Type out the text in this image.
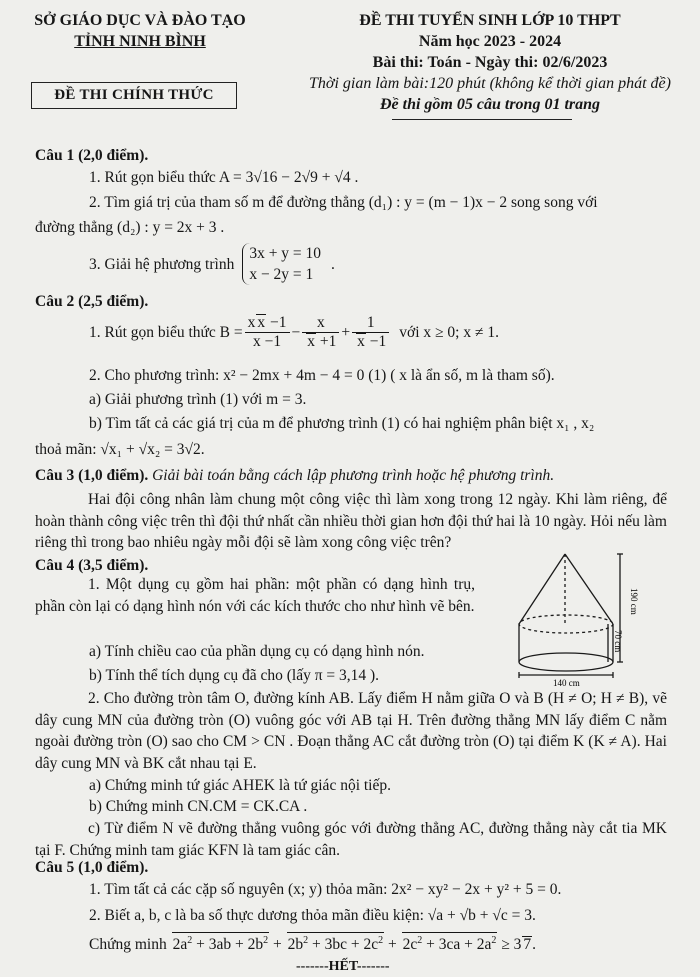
SỞ GIÁO DỤC VÀ ĐÀO TẠO
TỈNH NINH BÌNH
ĐỀ THI TUYỂN SINH LỚP 10 THPT
Năm học 2023 - 2024
Bài thi: Toán - Ngày thi: 02/6/2023
Thời gian làm bài:120 phút (không kể thời gian phát đề)
Đề thi gồm 05 câu trong 01 trang
ĐỀ THI CHÍNH THỨC
Câu 1 (2,0 điểm).
1. Rút gọn biểu thức A = 3√16 − 2√9 + √4 .
2. Tìm giá trị của tham số m để đường thẳng (d₁) : y = (m − 1)x − 2 song song với
đường thẳng (d₂) : y = 2x + 3 .
3. Giải hệ phương trình
3x + y = 10
x − 2y = 1
.
Câu 2 (2,5 điểm).
1. Rút gọn biểu thức $B = \frac{\text{x x −1}}{x -1} - \frac{x}{x +1} + \frac{1}{x -1}$ với x ≥ 0; x ≠ 1.
2. Cho phương trình: x² − 2mx + 4m − 4 = 0 (1) ( x là ẩn số, m là tham số).
a) Giải phương trình (1) với m = 3.
b) Tìm tất cả các giá trị của m để phương trình (1) có hai nghiệm phân biệt x₁ , x₂
thoả mãn: √x₁ + √x₂ = 3√2.
Câu 3 (1,0 điểm). Giải bài toán bằng cách lập phương trình hoặc hệ phương trình.
Hai đội công nhân làm chung một công việc thì làm xong trong 12 ngày. Khi làm riêng, để hoàn thành công việc trên thì đội thứ nhất cần nhiều thời gian hơn đội thứ hai là 10 ngày. Hỏi nếu làm riêng thì trong bao nhiêu ngày mỗi đội sẽ làm xong công việc trên?
Câu 4 (3,5 điểm).
1. Một dụng cụ gồm hai phần: một phần có dạng hình trụ, phần còn lại có dạng hình nón với các kích thước cho như hình vẽ bên.
a) Tính chiều cao của phần dụng cụ có dạng hình nón.
b) Tính thể tích dụng cụ đã cho (lấy π = 3,14 ).
190 cm
70 cm
140 cm
2. Cho đường tròn tâm O, đường kính AB. Lấy điểm H nằm giữa O và B (H ≠ O; H ≠ B), vẽ dây cung MN của đường tròn (O) vuông góc với AB tại H. Trên đường thẳng MN lấy điểm C nằm ngoài đường tròn (O) sao cho CM > CN . Đoạn thẳng AC cắt đường tròn (O) tại điểm K (K ≠ A). Hai dây cung MN và BK cắt nhau tại E.
a) Chứng minh tứ giác AHEK là tứ giác nội tiếp.
b) Chứng minh CN.CM = CK.CA .
c) Từ điểm N vẽ đường thẳng vuông góc với đường thẳng AC, đường thẳng này cắt tia MK tại F. Chứng minh tam giác KFN là tam giác cân.
Câu 5 (1,0 điểm).
1. Tìm tất cả các cặp số nguyên (x; y) thỏa mãn: 2x² − xy² − 2x + y² + 5 = 0.
2. Biết a, b, c là ba số thực dương thỏa mãn điều kiện: √a + √b + √c = 3.
Chứng minh $2a^2 + 3ab + 2b^2 + 2b^2 + 3bc + 2c^2 + 2c^2 + 3ca + 2a^2 \ge 3$ 7.
-------HẾT-------
